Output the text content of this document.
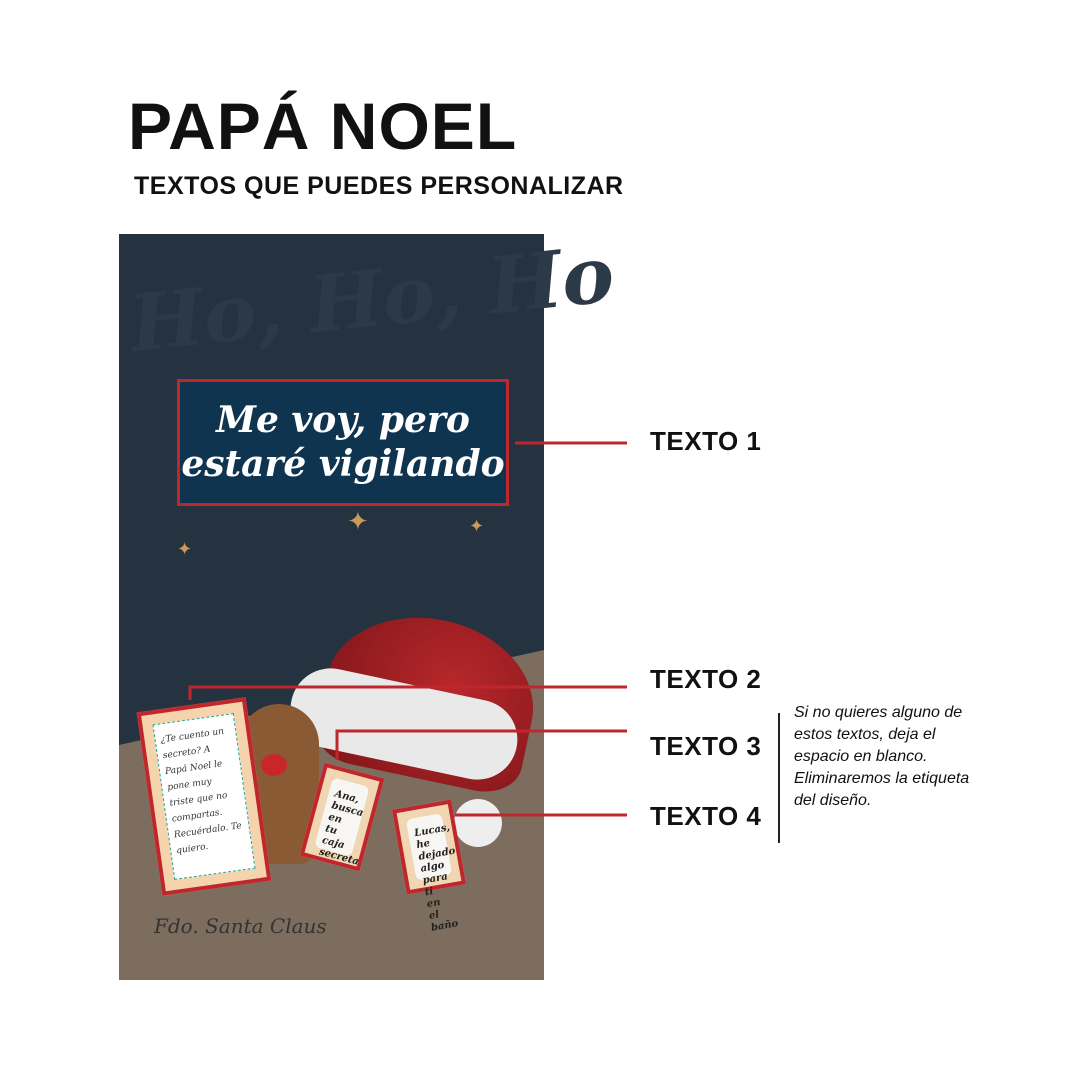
PAPÁ NOEL
TEXTOS QUE PUEDES PERSONALIZAR
Ho, Ho, Ho
Me voy, pero estaré vigilando
✦	✦
✦
¿Te cuento un secreto? A Papá Noel le pone muy triste que no compartas. Recuérdalo. Te quiero.
Ana, busca en tu caja secreta
Lucas, he dejado algo para ti en el baño
Fdo. Santa Claus
TEXTO 1
TEXTO 2
TEXTO 3
TEXTO 4
Si no quieres alguno de estos textos, deja el espacio en blanco. Eliminaremos la etiqueta del diseño.
